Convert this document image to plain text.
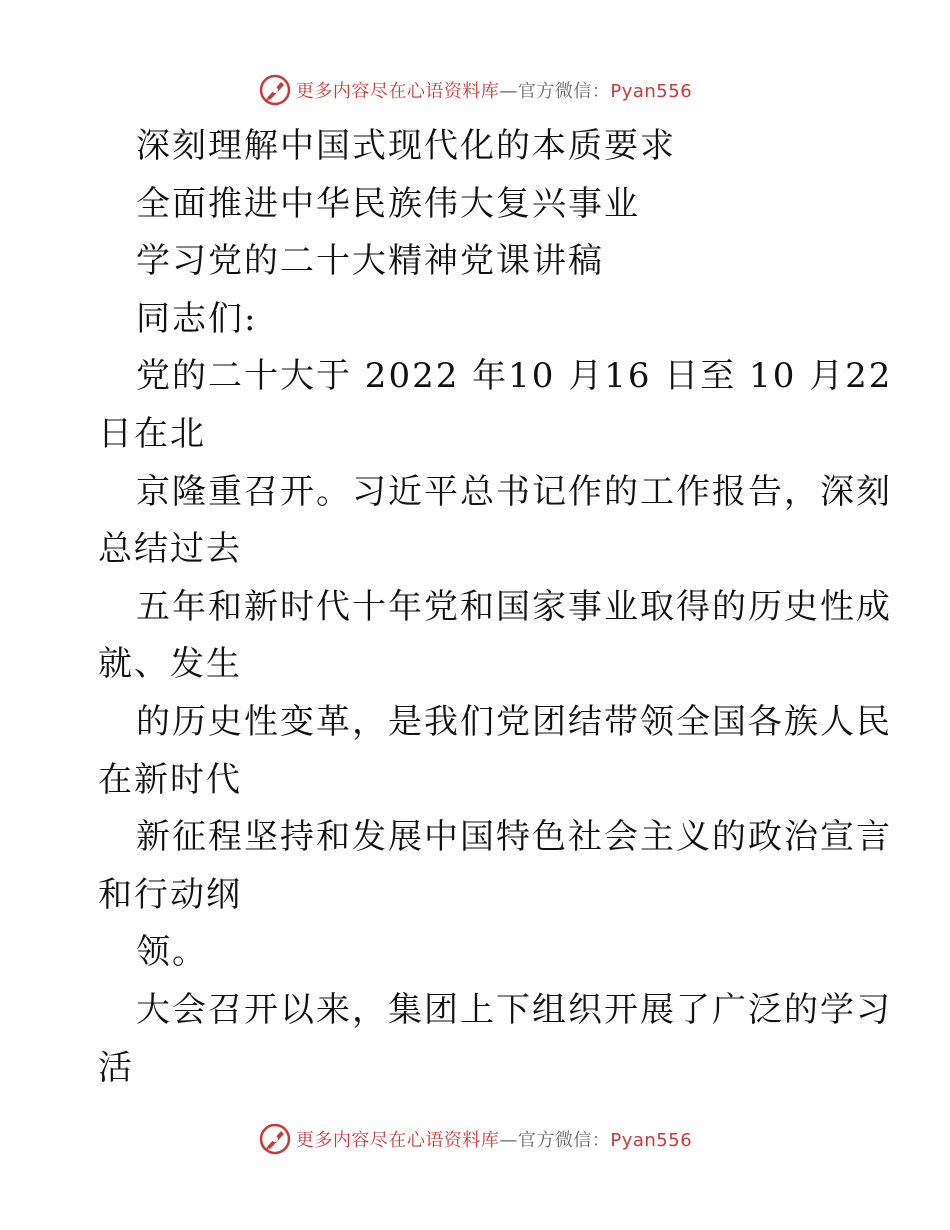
更多内容尽在心语资料库—官方微信：Pyan556
深刻理解中国式现代化的本质要求
全面推进中华民族伟大复兴事业
学习党的二十大精神党课讲稿
同志们:
党的二十大于 2022 年10 月16 日至 10 月22
日在北
京隆重召开。习近平总书记作的工作报告，深刻
总结过去
五年和新时代十年党和国家事业取得的历史性成
就、发生
的历史性变革，是我们党团结带领全国各族人民
在新时代
新征程坚持和发展中国特色社会主义的政治宣言
和行动纲
领。
大会召开以来，集团上下组织开展了广泛的学习
活
更多内容尽在心语资料库—官方微信：Pyan556
